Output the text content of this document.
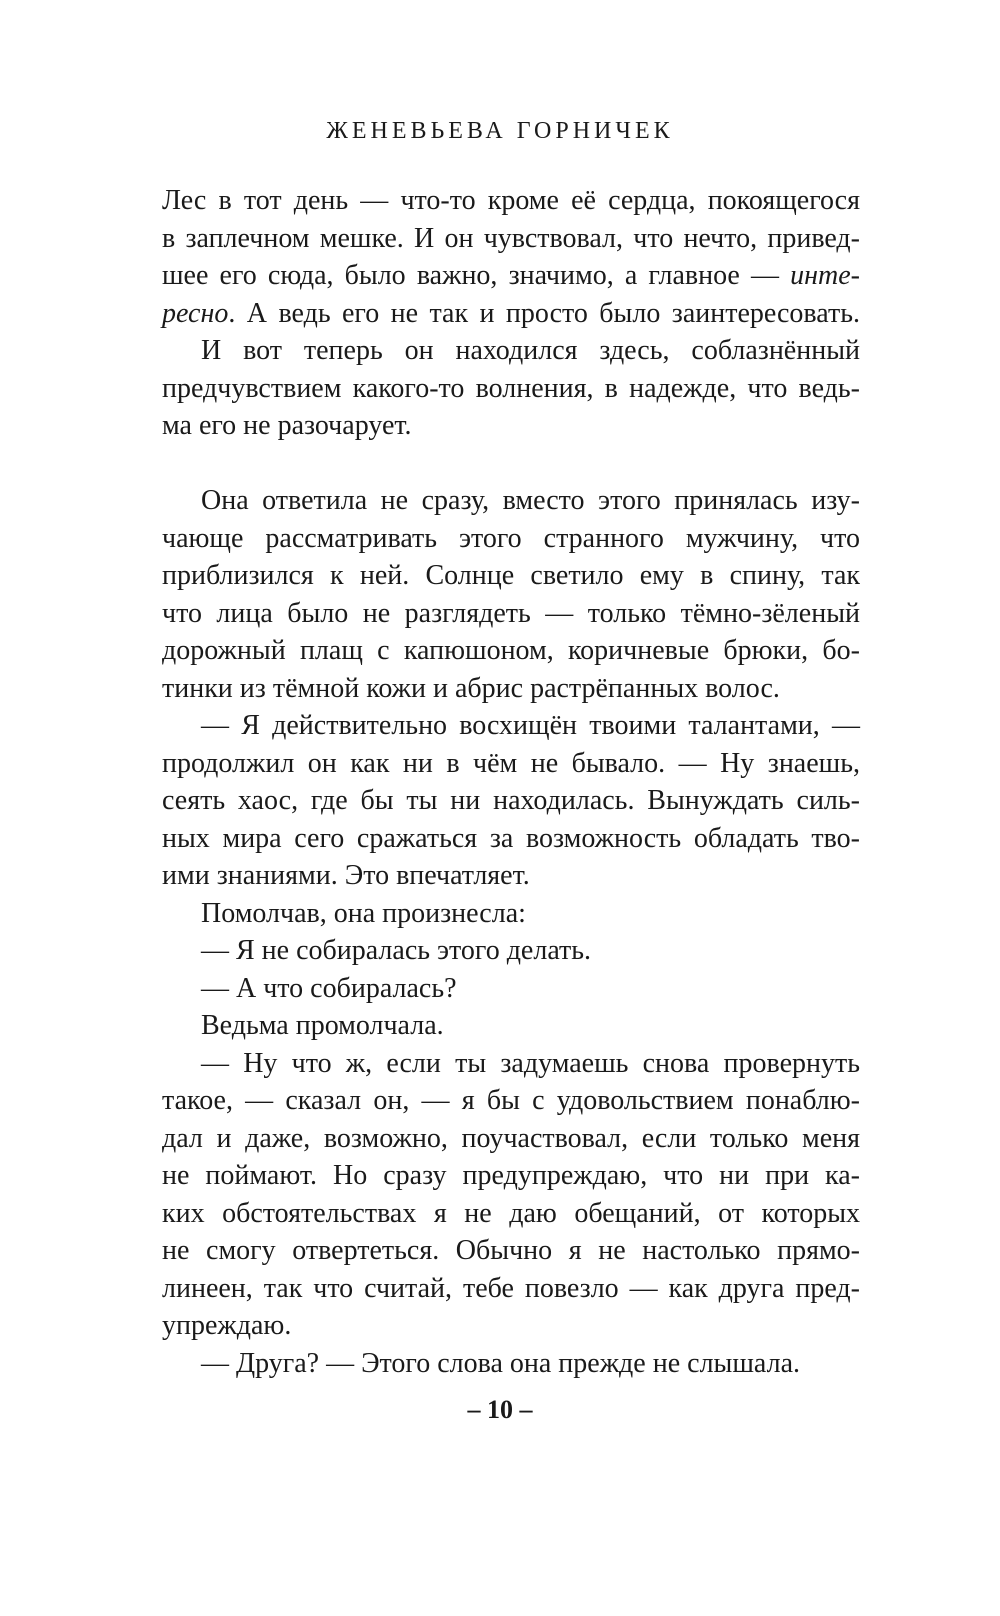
ЖЕНЕВЬЕВА ГОРНИЧЕК
Лес в тот день — что-то кроме её сердца, покоящегося
в заплечном мешке. И он чувствовал, что нечто, привед-
шее его сюда, было важно, значимо, а главное — инте-
ресно. А ведь его не так и просто было заинтересовать.
И вот теперь он находился здесь, соблазнённый
предчувствием какого-то волнения, в надежде, что ведь-
ма его не разочарует.
Она ответила не сразу, вместо этого принялась изу-
чающе рассматривать этого странного мужчину, что
приблизился к ней. Солнце светило ему в спину, так
что лица было не разглядеть — только тёмно-зёленый
дорожный плащ с капюшоном, коричневые брюки, бо-
тинки из тёмной кожи и абрис растрёпанных волос.
— Я действительно восхищён твоими талантами, —
продолжил он как ни в чём не бывало. — Ну знаешь,
сеять хаос, где бы ты ни находилась. Вынуждать силь-
ных мира сего сражаться за возможность обладать тво-
ими знаниями. Это впечатляет.
Помолчав, она произнесла:
— Я не собиралась этого делать.
— А что собиралась?
Ведьма промолчала.
— Ну что ж, если ты задумаешь снова провернуть
такое, — сказал он, — я бы с удовольствием понаблю-
дал и даже, возможно, поучаствовал, если только меня
не поймают. Но сразу предупреждаю, что ни при ка-
ких обстоятельствах я не даю обещаний, от которых
не смогу отвертеться. Обычно я не настолько прямо-
линеен, так что считай, тебе повезло — как друга пред-
упреждаю.
— Друга? — Этого слова она прежде не слышала.
– 10 –
